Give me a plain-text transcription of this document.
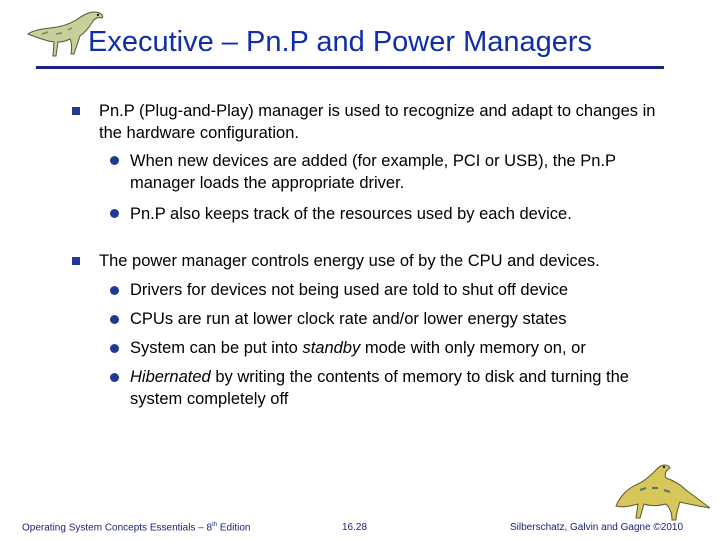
Executive – Pn.P and Power Managers

Pn.P (Plug-and-Play) manager is used to recognize and adapt to changes in the hardware configuration.

When new devices are added (for example, PCI or USB), the Pn.P manager loads the appropriate driver.

Pn.P also keeps track of the resources used by each device.

The power manager controls energy use of by the CPU and devices.

Drivers for devices not being used are told to shut off device

CPUs are run at lower clock rate and/or lower energy states

System can be put into standby mode with only memory on, or

Hibernated by writing the contents of memory to disk and turning the system completely off

Operating System Concepts Essentials – 8th Edition	16.28	Silberschatz, Galvin and Gagne ©2010
